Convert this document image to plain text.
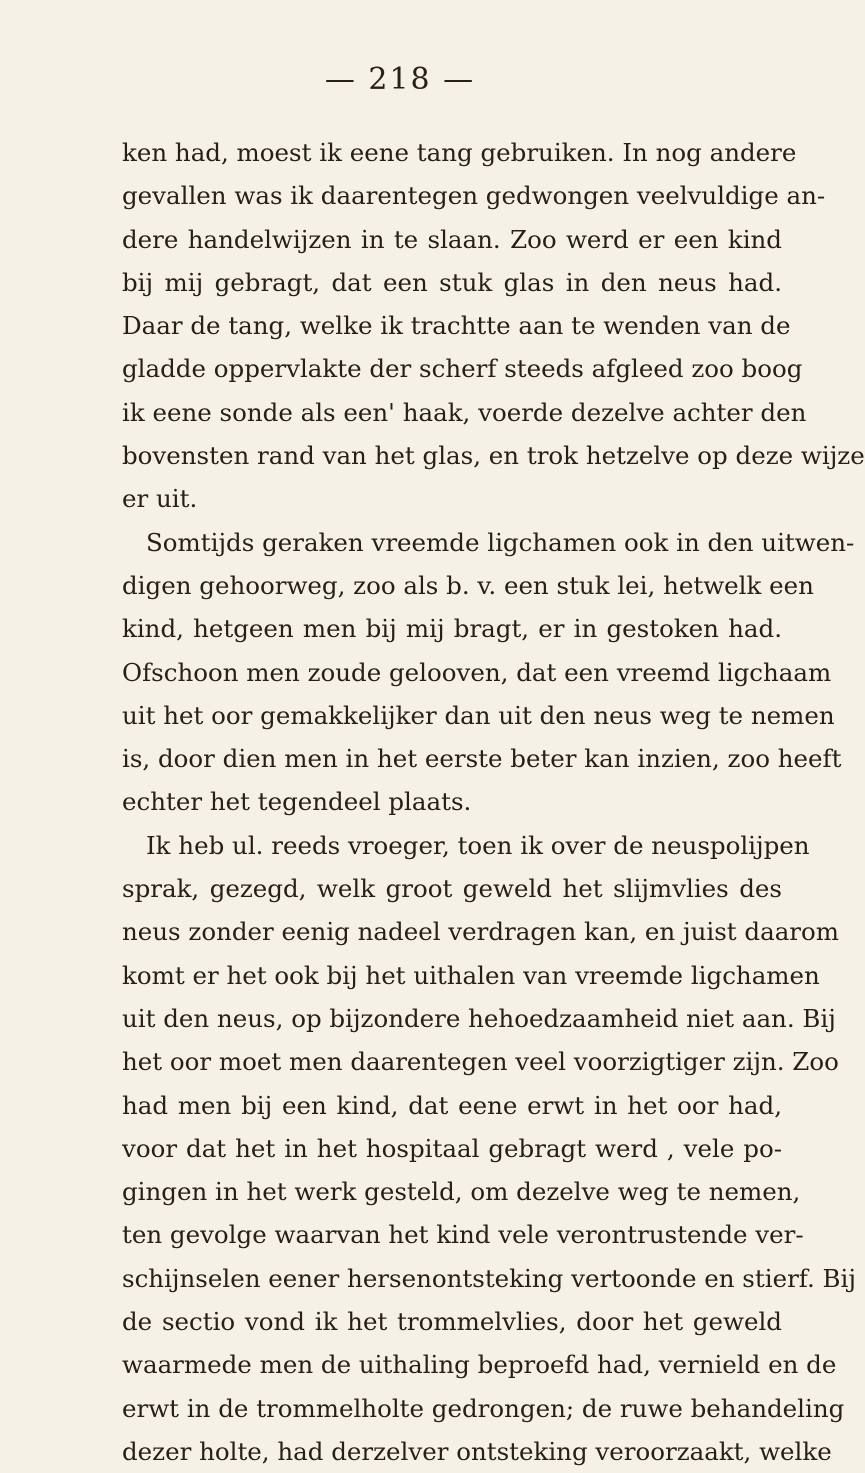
— 218 —
ken had, moest ik eene tang gebruiken. In nog andere
gevallen was ik daarentegen gedwongen veelvuldige an-
dere handelwijzen in te slaan. Zoo werd er een kind
bij mij gebragt, dat een stuk glas in den neus had.
Daar de tang, welke ik trachtte aan te wenden van de
gladde oppervlakte der scherf steeds afgleed zoo boog
ik eene sonde als een' haak, voerde dezelve achter den
bovensten rand van het glas, en trok hetzelve op deze wijze
er uit.
Somtijds geraken vreemde ligchamen ook in den uitwen-
digen gehoorweg, zoo als b. v. een stuk lei, hetwelk een
kind, hetgeen men bij mij bragt, er in gestoken had.
Ofschoon men zoude gelooven, dat een vreemd ligchaam
uit het oor gemakkelijker dan uit den neus weg te nemen
is, door dien men in het eerste beter kan inzien, zoo heeft
echter het tegendeel plaats.
Ik heb ul. reeds vroeger, toen ik over de neuspolijpen
sprak, gezegd, welk groot geweld het slijmvlies des
neus zonder eenig nadeel verdragen kan, en juist daarom
komt er het ook bij het uithalen van vreemde ligchamen
uit den neus, op bijzondere hehoedzaamheid niet aan. Bij
het oor moet men daarentegen veel voorzigtiger zijn. Zoo
had men bij een kind, dat eene erwt in het oor had,
voor dat het in het hospitaal gebragt werd , vele po-
gingen in het werk gesteld, om dezelve weg te nemen,
ten gevolge waarvan het kind vele verontrustende ver-
schijnselen eener hersenontsteking vertoonde en stierf. Bij
de sectio vond ik het trommelvlies, door het geweld
waarmede men de uithaling beproefd had, vernield en de
erwt in de trommelholte gedrongen; de ruwe behandeling
dezer holte, had derzelver ontsteking veroorzaakt, welke
